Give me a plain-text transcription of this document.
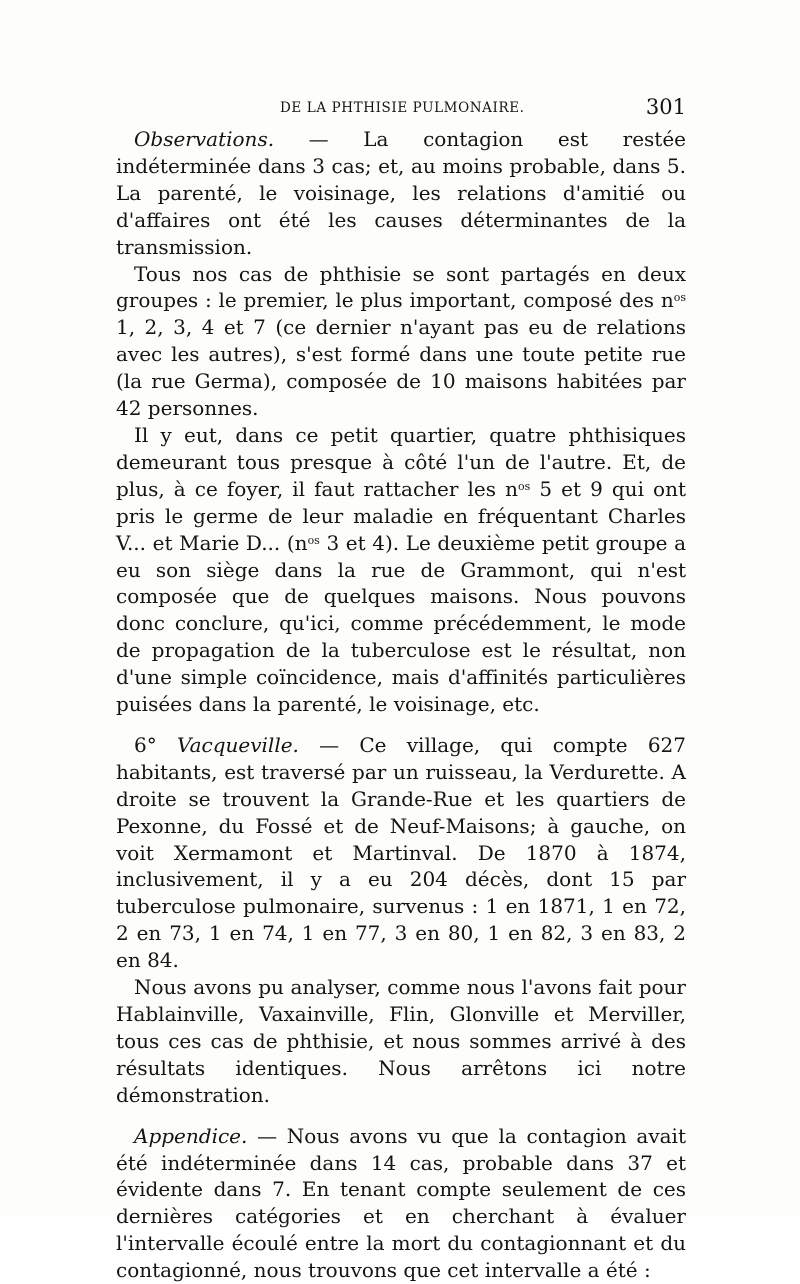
DE LA PHTHISIE PULMONAIRE.	301

Observations. — La contagion est restée indéterminée dans 3 cas; et, au moins probable, dans 5. La parenté, le voisinage, les relations d'amitié ou d'affaires ont été les causes déterminantes de la transmission.

Tous nos cas de phthisie se sont partagés en deux groupes : le premier, le plus important, composé des $n^{os}$ 1, 2, 3, 4 et 7 (ce dernier n'ayant pas eu de relations avec les autres), s'est formé dans une toute petite rue (la rue Germa), composée de 10 maisons habitées par 42 personnes.

Il y eut, dans ce petit quartier, quatre phthisiques demeurant tous presque à côté l'un de l'autre. Et, de plus, à ce foyer, il faut rattacher les $n^{os}$ 5 et 9 qui ont pris le germe de leur maladie en fréquentant Charles V... et Marie D... ($n^{os}$ 3 et 4). Le deuxième petit groupe a eu son siège dans la rue de Grammont, qui n'est composée que de quelques maisons. Nous pouvons donc conclure, qu'ici, comme précédemment, le mode de propagation de la tuberculose est le résultat, non d'une simple coïncidence, mais d'affinités particulières puisées dans la parenté, le voisinage, etc.

6° Vacqueville. — Ce village, qui compte 627 habitants, est traversé par un ruisseau, la Verdurette. A droite se trouvent la Grande-Rue et les quartiers de Pexonne, du Fossé et de Neuf-Maisons; à gauche, on voit Xermamont et Martinval. De 1870 à 1874, inclusivement, il y a eu 204 décès, dont 15 par tuberculose pulmonaire, survenus : 1 en 1871, 1 en 72, 2 en 73, 1 en 74, 1 en 77, 3 en 80, 1 en 82, 3 en 83, 2 en 84.

Nous avons pu analyser, comme nous l'avons fait pour Hablainville, Vaxainville, Flin, Glonville et Merviller, tous ces cas de phthisie, et nous sommes arrivé à des résultats identiques. Nous arrêtons ici notre démonstration.

Appendice. — Nous avons vu que la contagion avait été indéterminée dans 14 cas, probable dans 37 et évidente dans 7. En tenant compte seulement de ces dernières catégories et en cherchant à évaluer l'intervalle écoulé entre la mort du contagionnant et du contagionné, nous trouvons que cet intervalle a été :
